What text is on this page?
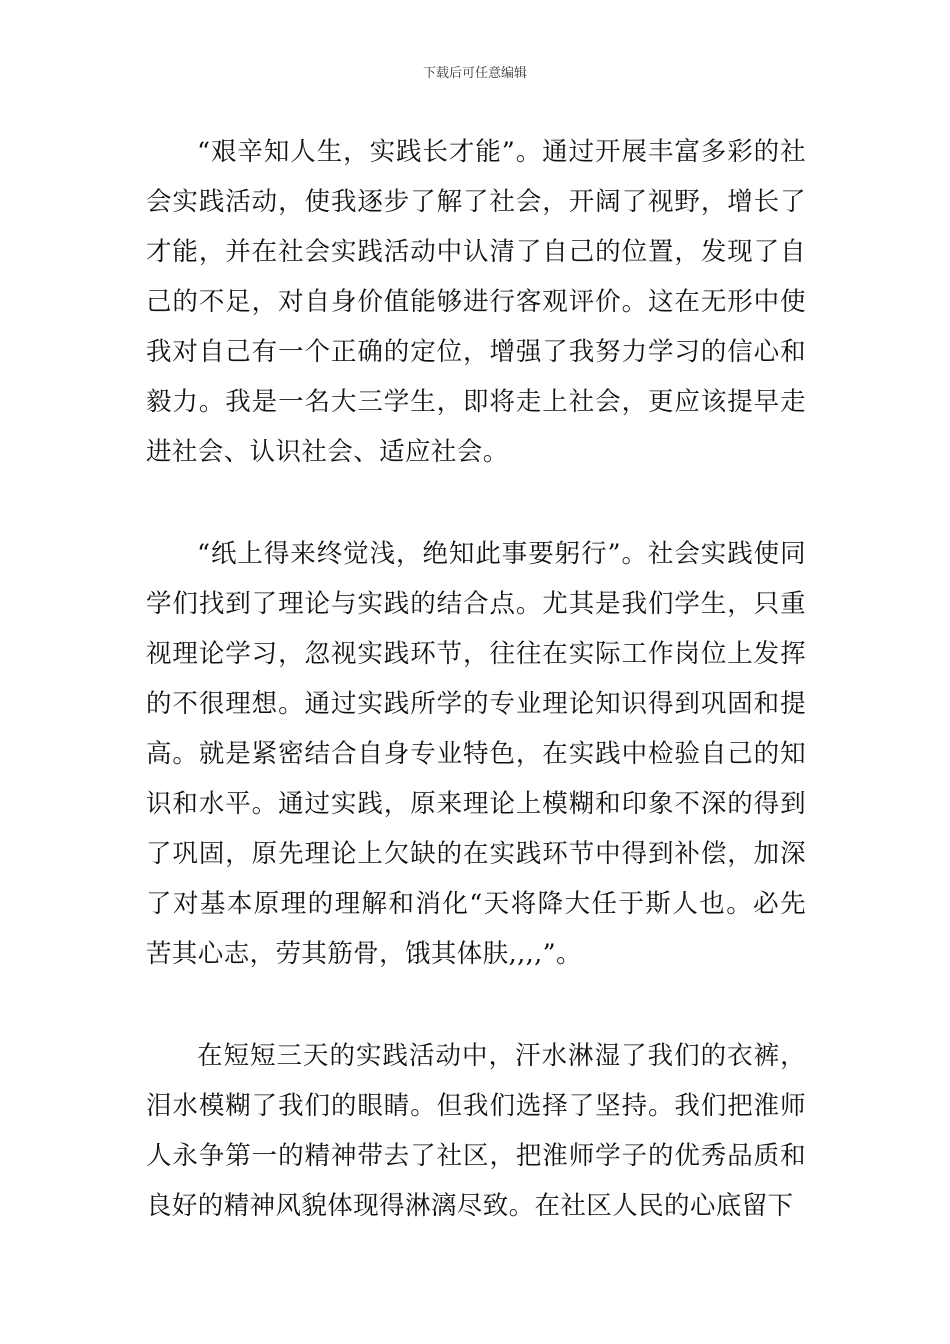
下载后可任意编辑

“艰辛知人生，实践长才能”。通过开展丰富多彩的社会实践活动，使我逐步了解了社会，开阔了视野，增长了才能，并在社会实践活动中认清了自己的位置，发现了自己的不足，对自身价值能够进行客观评价。这在无形中使我对自己有一个正确的定位，增强了我努力学习的信心和毅力。我是一名大三学生，即将走上社会，更应该提早走进社会、认识社会、适应社会。

“纸上得来终觉浅，绝知此事要躬行”。社会实践使同学们找到了理论与实践的结合点。尤其是我们学生，只重视理论学习，忽视实践环节，往往在实际工作岗位上发挥的不很理想。通过实践所学的专业理论知识得到巩固和提高。就是紧密结合自身专业特色，在实践中检验自己的知识和水平。通过实践，原来理论上模糊和印象不深的得到了巩固，原先理论上欠缺的在实践环节中得到补偿，加深了对基本原理的理解和消化“天将降大任于斯人也。必先苦其心志，劳其筋骨，饿其体肤,,,,”。

在短短三天的实践活动中，汗水淋湿了我们的衣裤，泪水模糊了我们的眼睛。但我们选择了坚持。我们把淮师人永争第一的精神带去了社区，把淮师学子的优秀品质和良好的精神风貌体现得淋漓尽致。在社区人民的心底留下
